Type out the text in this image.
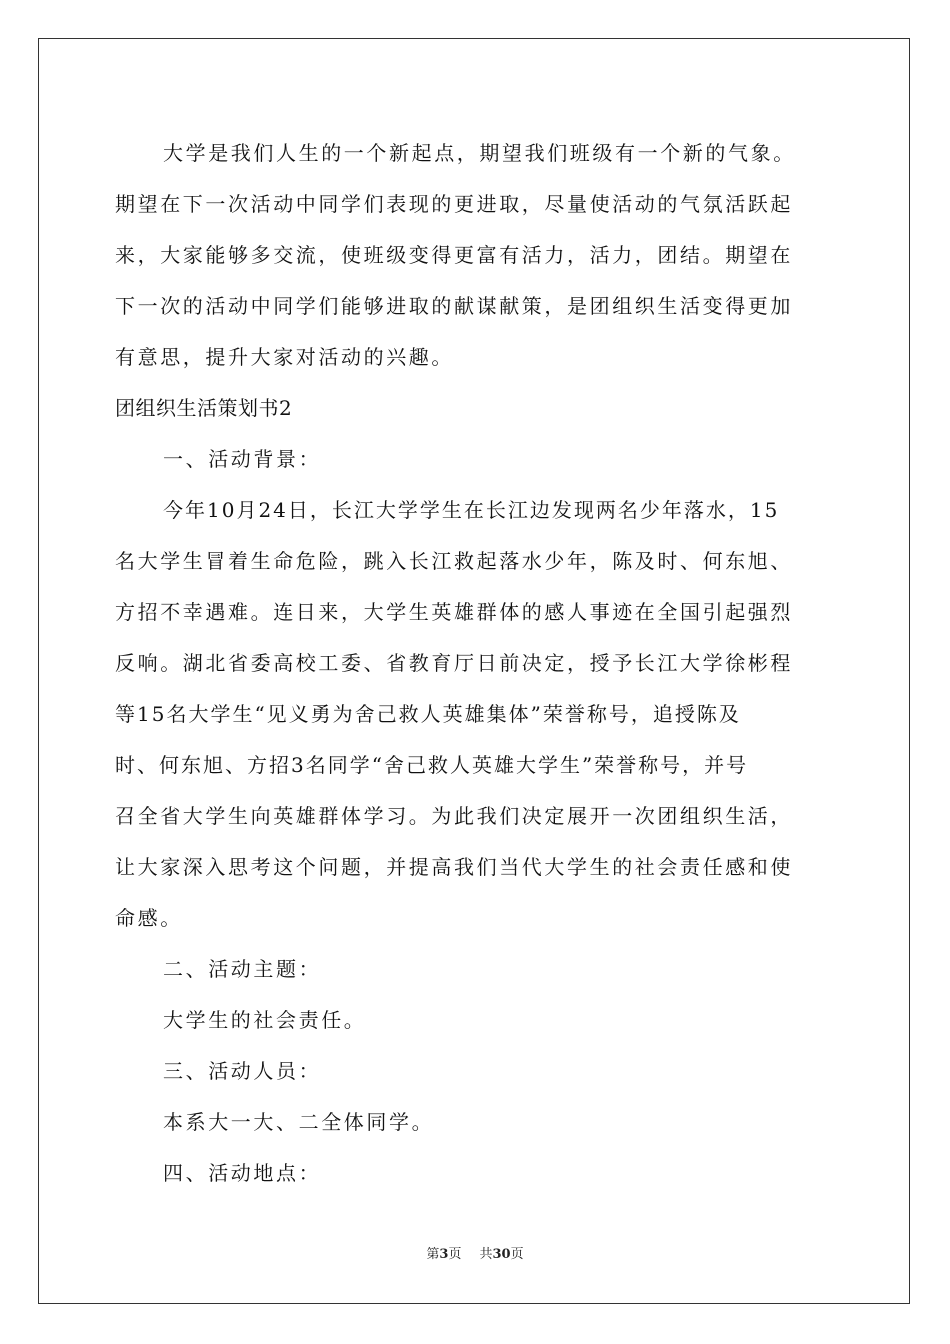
大学是我们人生的一个新起点，期望我们班级有一个新的气象。
期望在下一次活动中同学们表现的更进取，尽量使活动的气氛活跃起
来，大家能够多交流，使班级变得更富有活力，活力，团结。期望在
下一次的活动中同学们能够进取的献谋献策，是团组织生活变得更加
有意思，提升大家对活动的兴趣。
团组织生活策划书2
一、活动背景：
今年10月24日，长江大学学生在长江边发现两名少年落水，15
名大学生冒着生命危险，跳入长江救起落水少年，陈及时、何东旭、
方招不幸遇难。连日来，大学生英雄群体的感人事迹在全国引起强烈
反响。湖北省委高校工委、省教育厅日前决定，授予长江大学徐彬程
等15名大学生“见义勇为舍己救人英雄集体”荣誉称号，追授陈及
时、何东旭、方招3名同学“舍己救人英雄大学生”荣誉称号，并号
召全省大学生向英雄群体学习。为此我们决定展开一次团组织生活，
让大家深入思考这个问题，并提高我们当代大学生的社会责任感和使
命感。
二、活动主题：
大学生的社会责任。
三、活动人员：
本系大一大、二全体同学。
四、活动地点：
第3页 共30页
